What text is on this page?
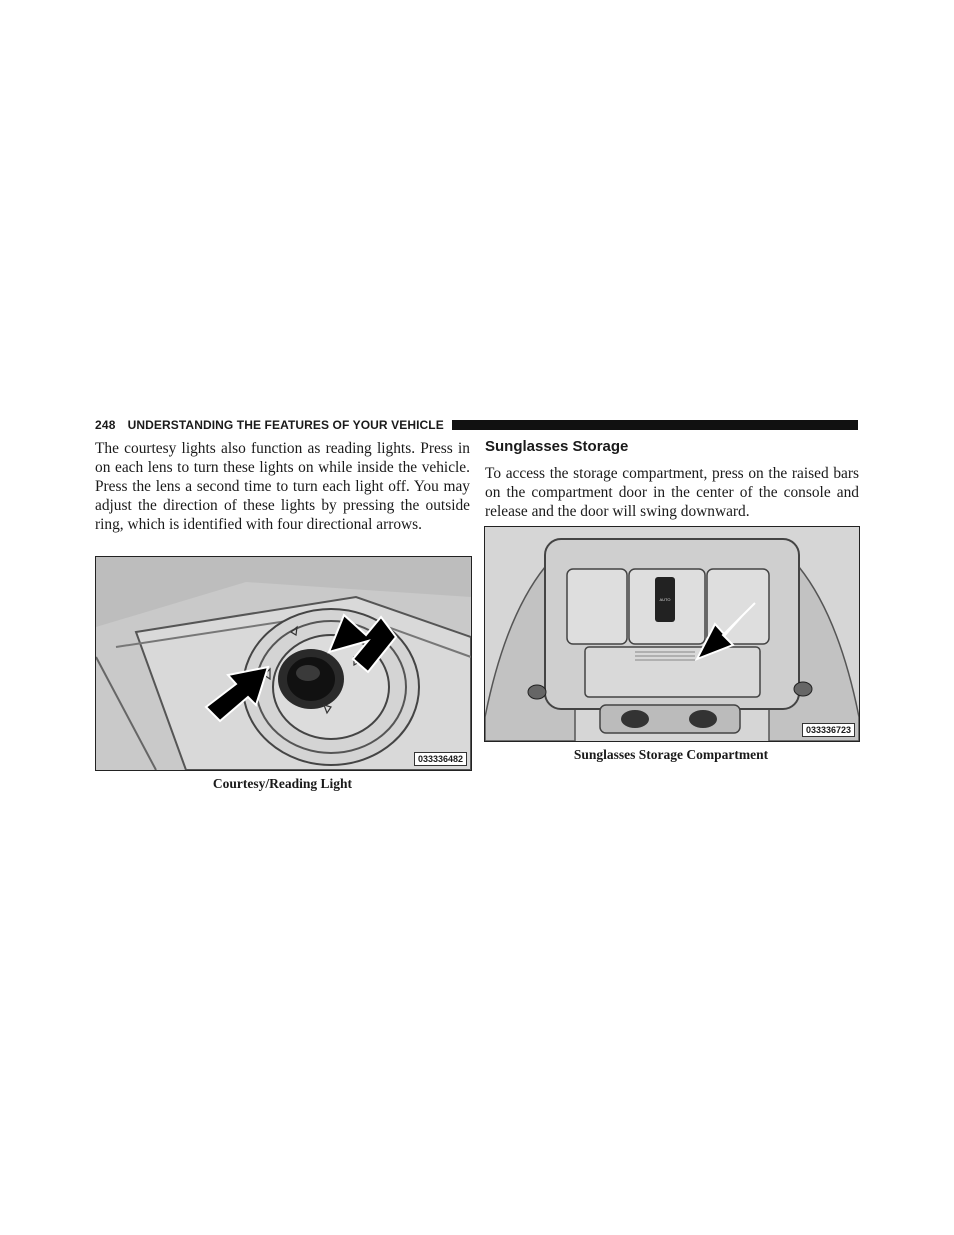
248 UNDERSTANDING THE FEATURES OF YOUR VEHICLE

The courtesy lights also function as reading lights. Press in on each lens to turn these lights on while inside the vehicle. Press the lens a second time to turn each light off. You may adjust the direction of these lights by pressing the outside ring, which is identified with four directional arrows.

033336482

Courtesy/Reading Light

Sunglasses Storage

To access the storage compartment, press on the raised bars on the compartment door in the center of the console and release and the door will swing downward.

AUTO
033336723

Sunglasses Storage Compartment
